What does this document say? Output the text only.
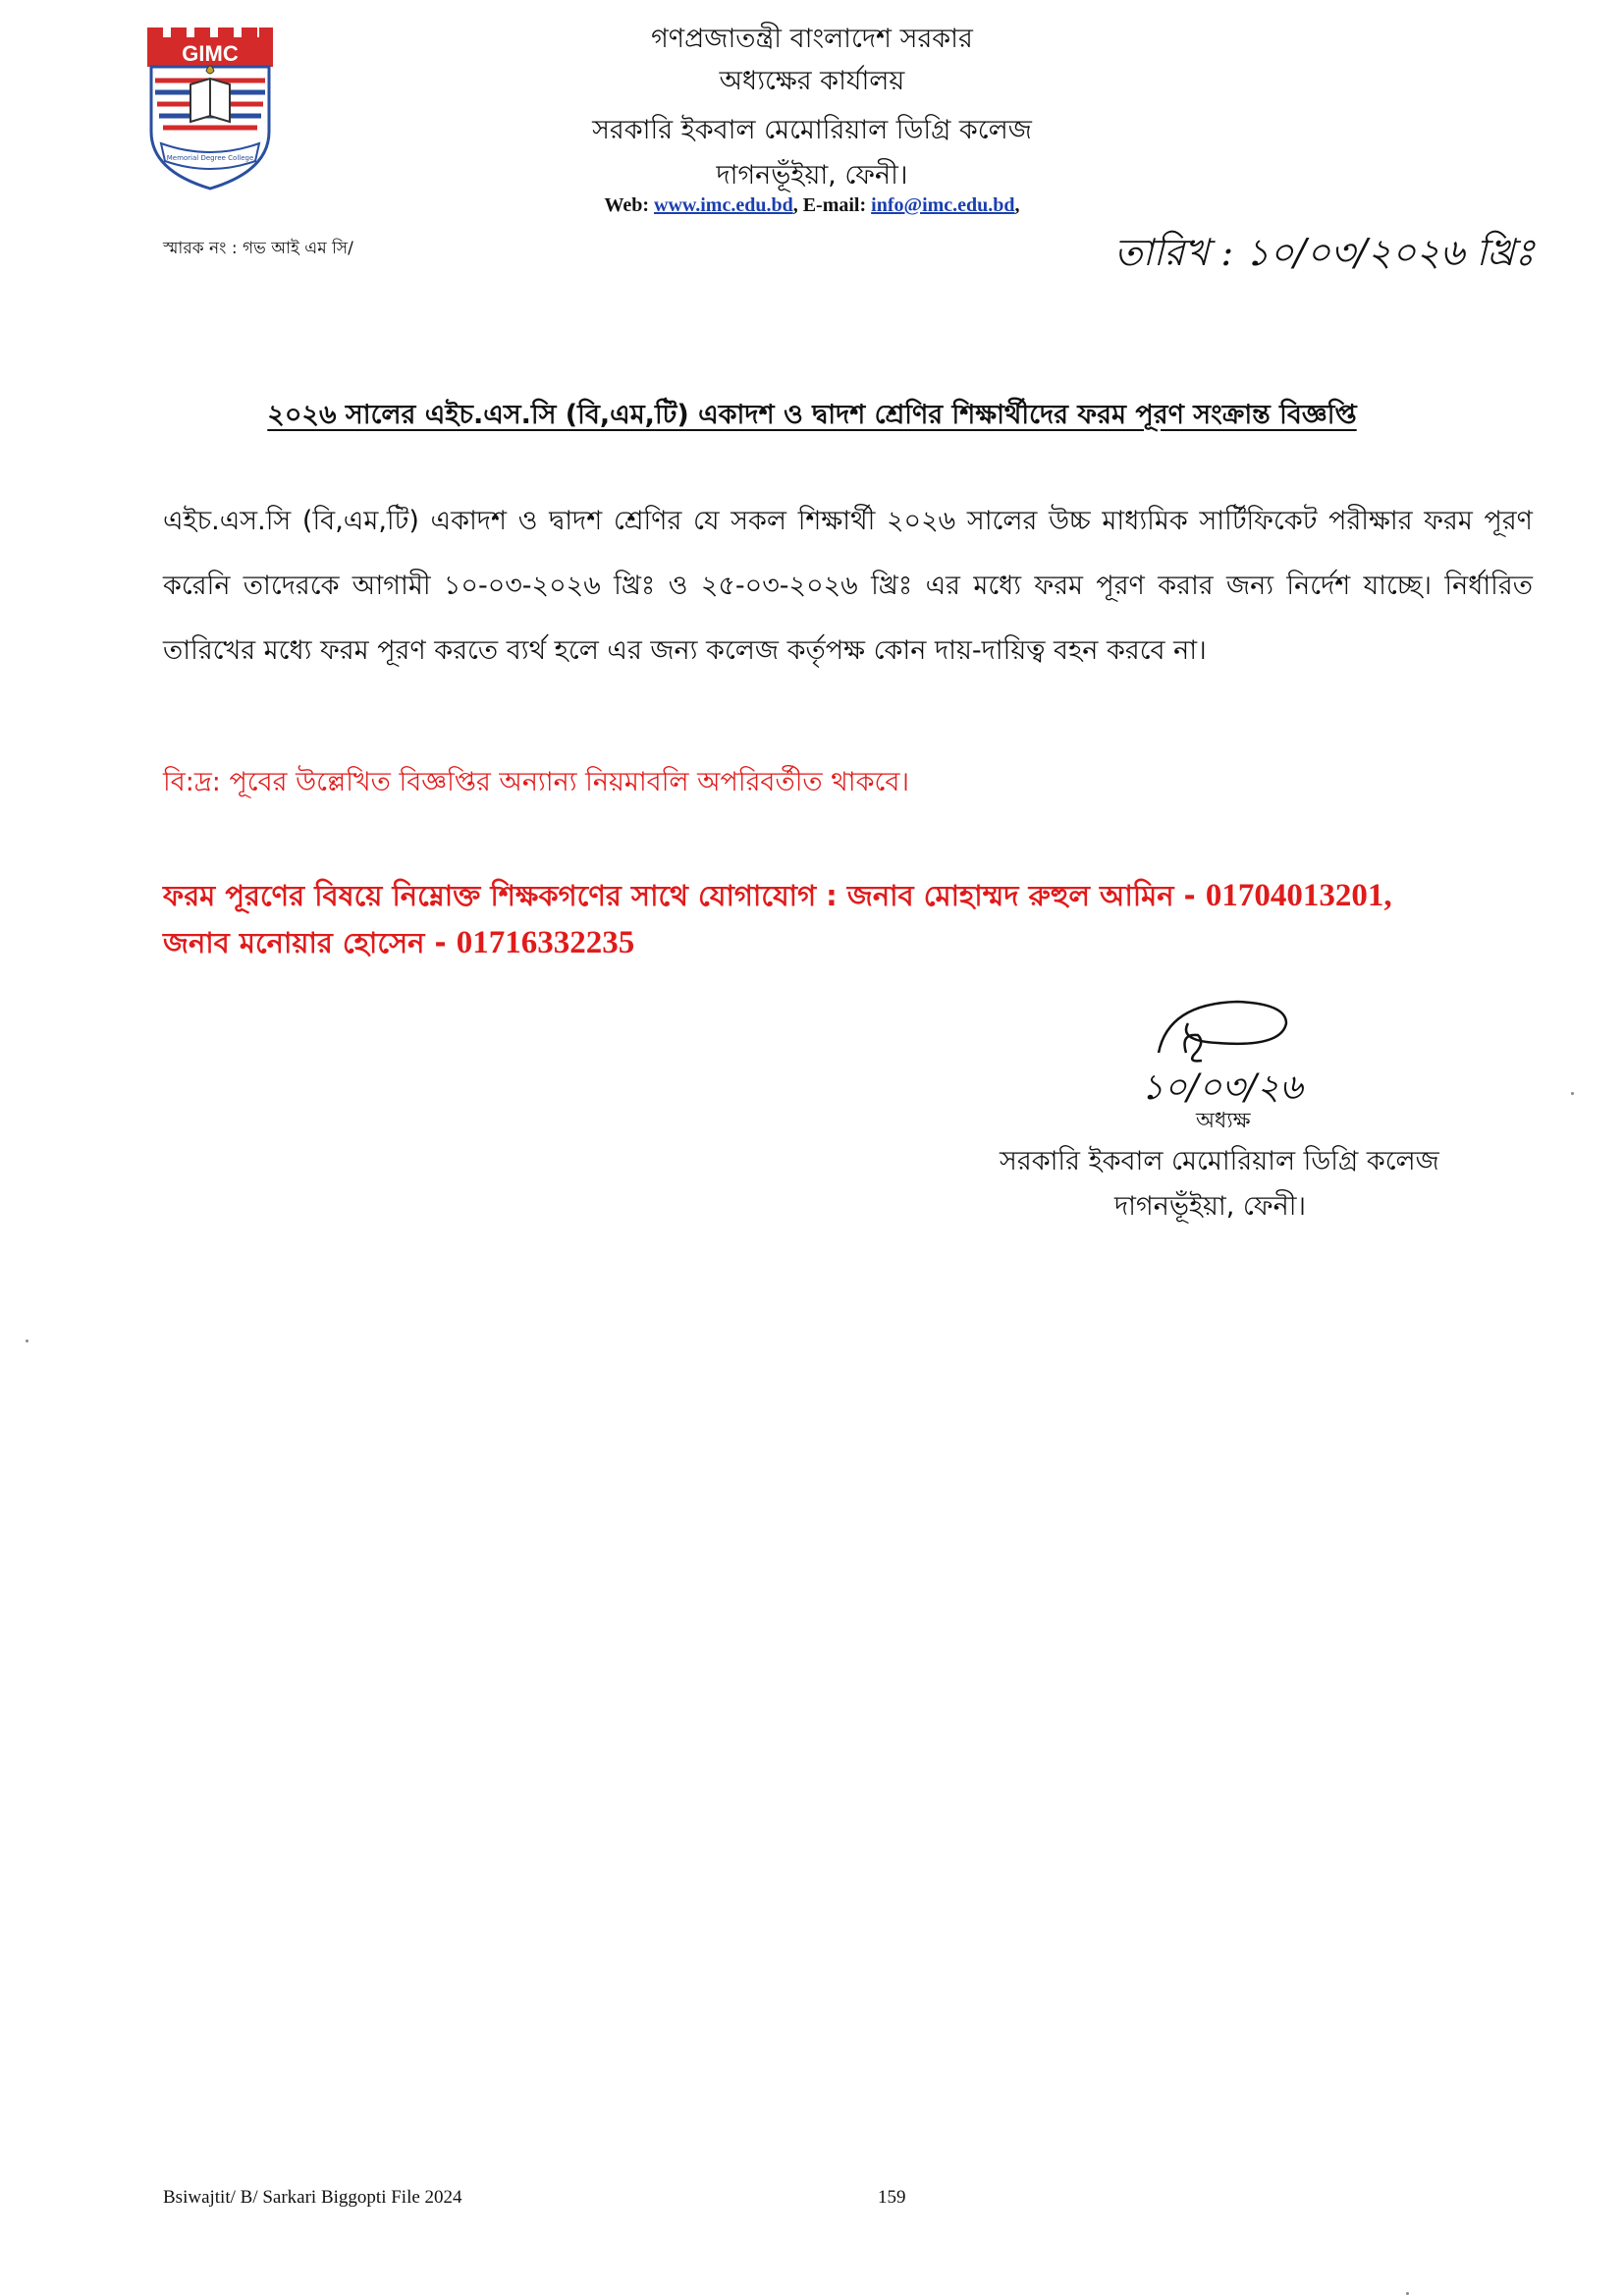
GIMC
Memorial Degree College
গণপ্রজাতন্ত্রী বাংলাদেশ সরকার
অধ্যক্ষের কার্যালয়
সরকারি ইকবাল মেমোরিয়াল ডিগ্রি কলেজ
দাগনভূঁইয়া, ফেনী।
Web: www.imc.edu.bd, E-mail: info@imc.edu.bd,
স্মারক নং : গভ আই এম সি/	তারিখ : ১০/০৩/২০২৬ খ্রিঃ
২০২৬ সালের এইচ.এস.সি (বি,এম,টি) একাদশ ও দ্বাদশ শ্রেণির শিক্ষার্থীদের ফরম পূরণ সংক্রান্ত বিজ্ঞপ্তি
এইচ.এস.সি (বি,এম,টি) একাদশ ও দ্বাদশ শ্রেণির যে সকল শিক্ষার্থী ২০২৬ সালের উচ্চ মাধ্যমিক সার্টিফিকেট পরীক্ষার ফরম পূরণ করেনি তাদেরকে আগামী ১০-০৩-২০২৬ খ্রিঃ ও ২৫-০৩-২০২৬ খ্রিঃ এর মধ্যে ফরম পূরণ করার জন্য নির্দেশ যাচ্ছে। নির্ধারিত তারিখের মধ্যে ফরম পূরণ করতে ব্যর্থ হলে এর জন্য কলেজ কর্তৃপক্ষ কোন দায়-দায়িত্ব বহন করবে না।
বি:দ্র: পূবের উল্লেখিত বিজ্ঞপ্তির অন্যান্য নিয়মাবলি অপরিবর্তীত থাকবে।
ফরম পূরণের বিষয়ে নিম্নোক্ত শিক্ষকগণের সাথে যোগাযোগ : জনাব মোহাম্মদ রুহুল আমিন - 01704013201,
জনাব মনোয়ার হোসেন - 01716332235
১০/০৩/২৬
অধ্যক্ষ
সরকারি ইকবাল মেমোরিয়াল ডিগ্রি কলেজ
দাগনভূঁইয়া, ফেনী।
Bsiwajtit/ B/ Sarkari Biggopti File 2024	159
